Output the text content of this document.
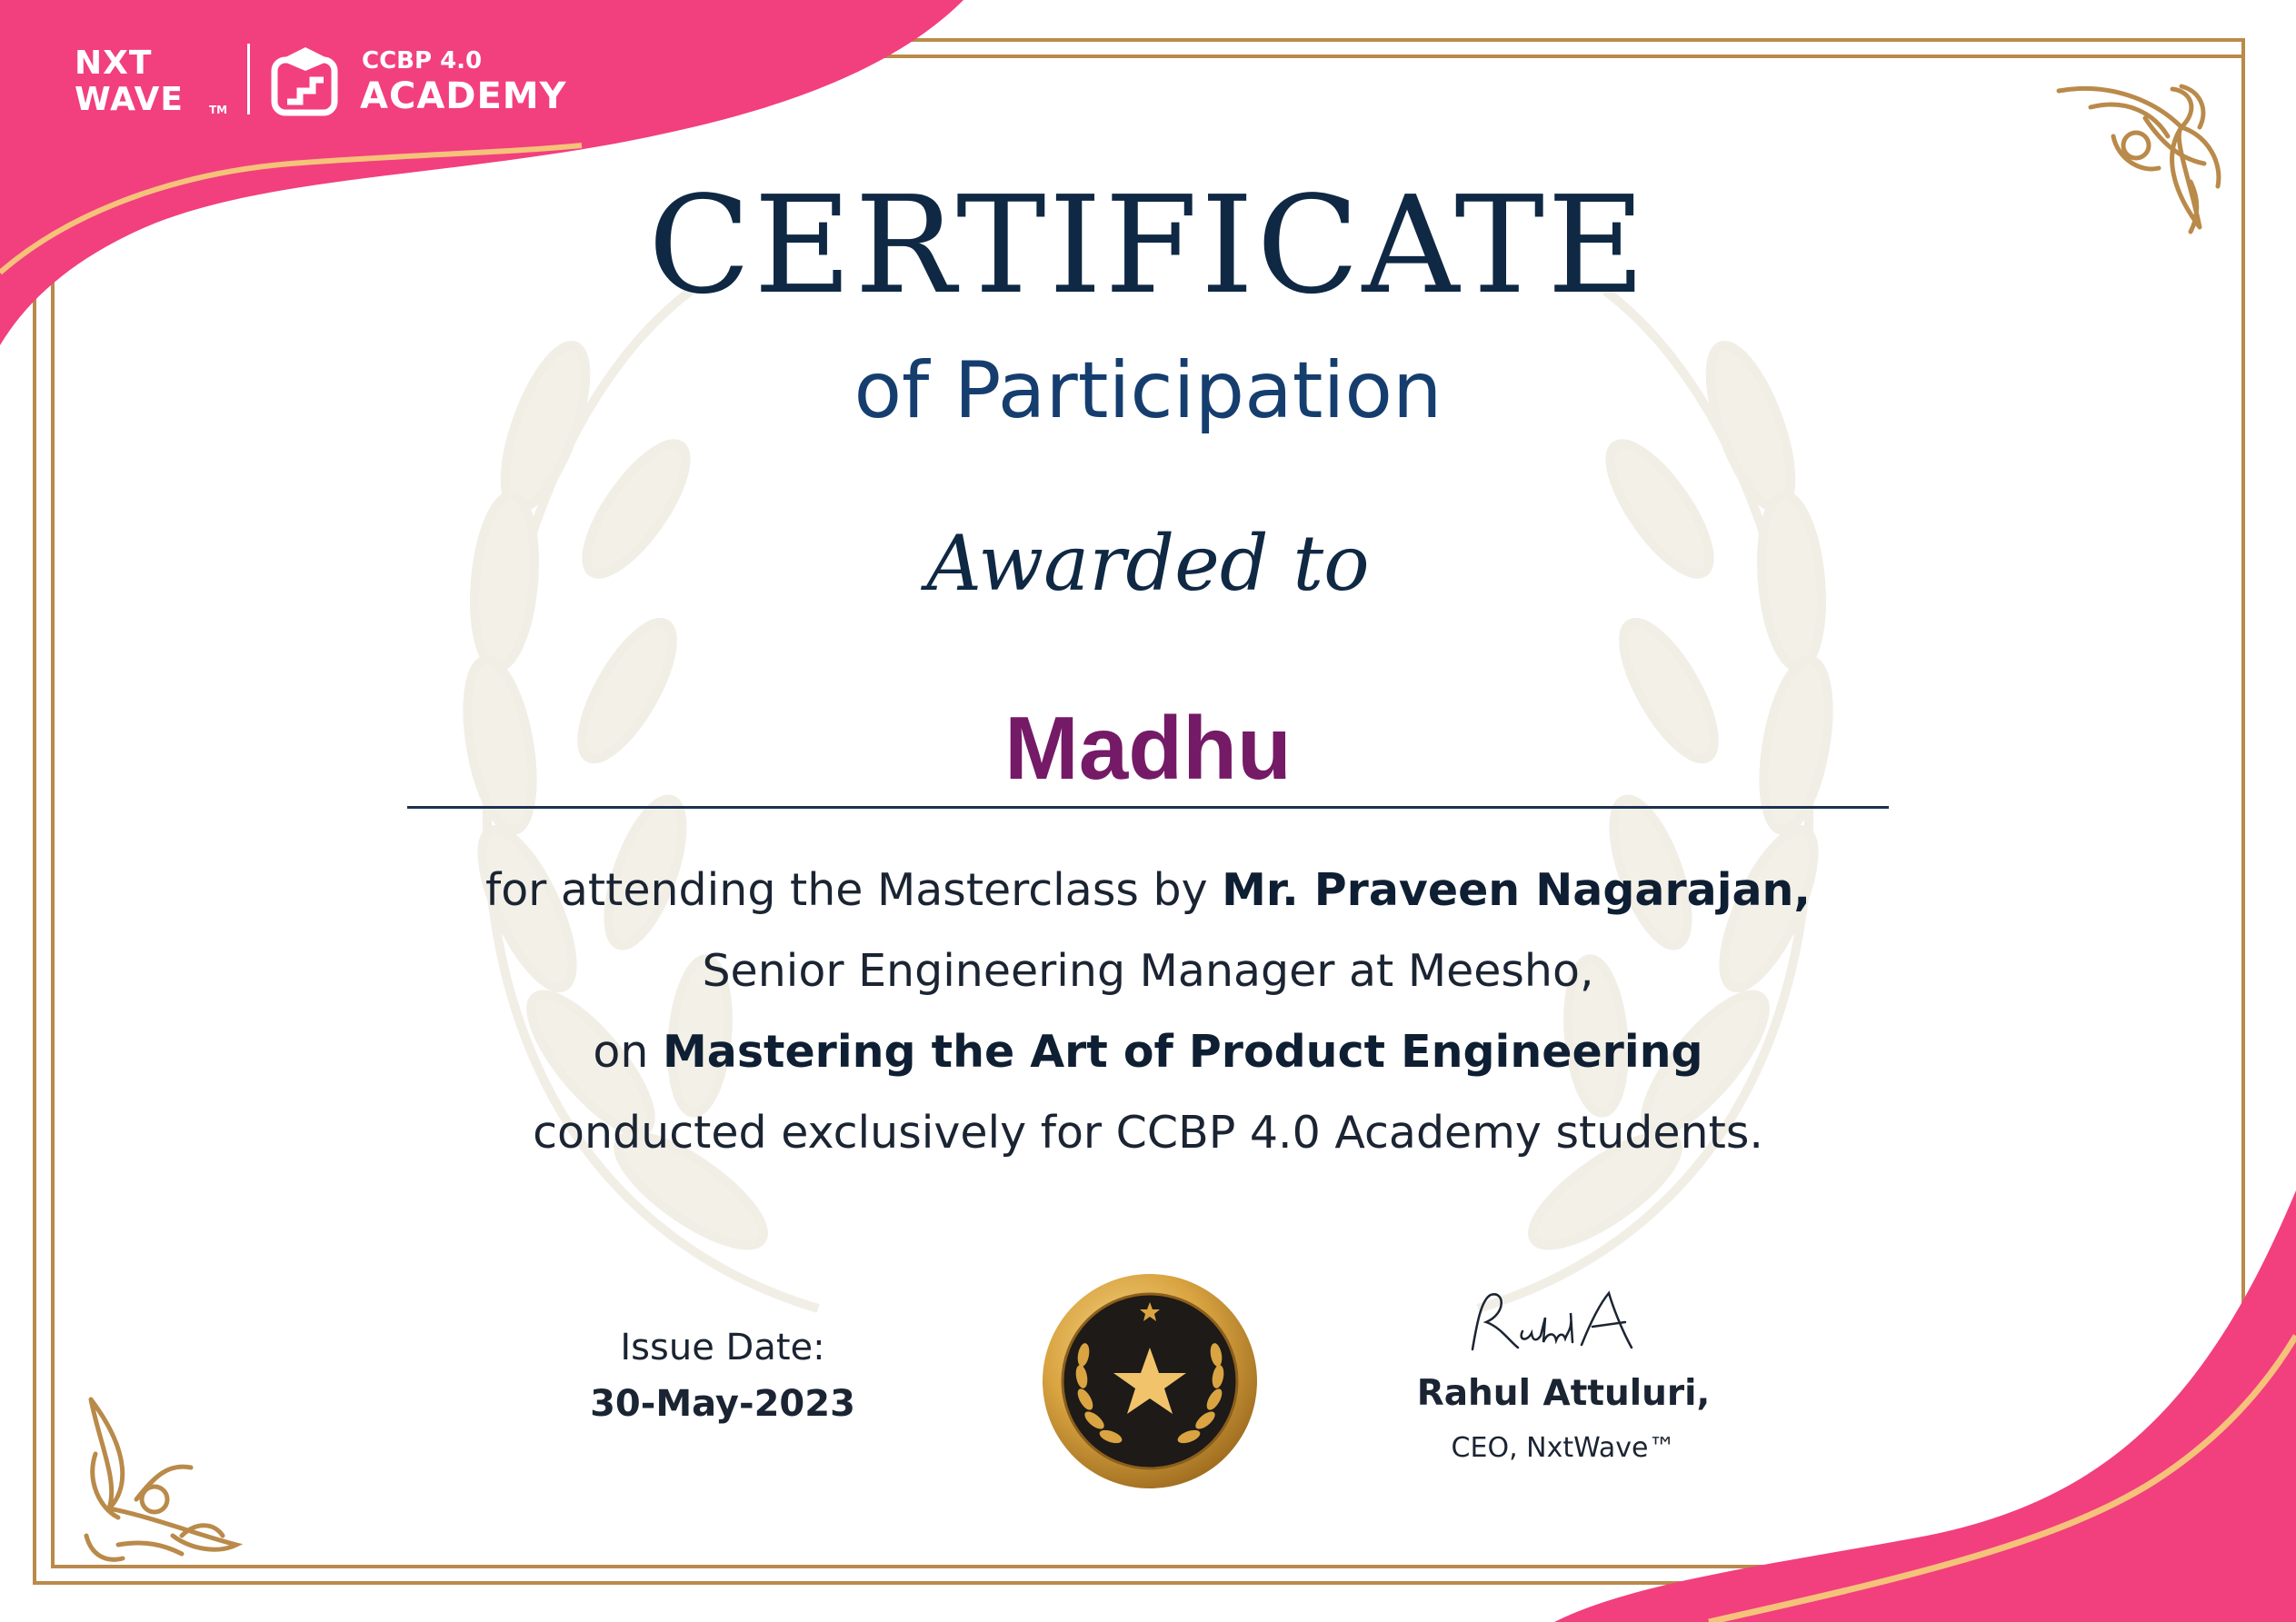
NXT
WAVE TM
CCBP 4.0
ACADEMY
CERTIFICATE
of Participation
Awarded to
Madhu
for attending the Masterclass by Mr. Praveen Nagarajan,
Senior Engineering Manager at Meesho,
on Mastering the Art of Product Engineering
conducted exclusively for CCBP 4.0 Academy students.
Issue Date:
30-May-2023	Rahul Attuluri,
CEO, NxtWave™
